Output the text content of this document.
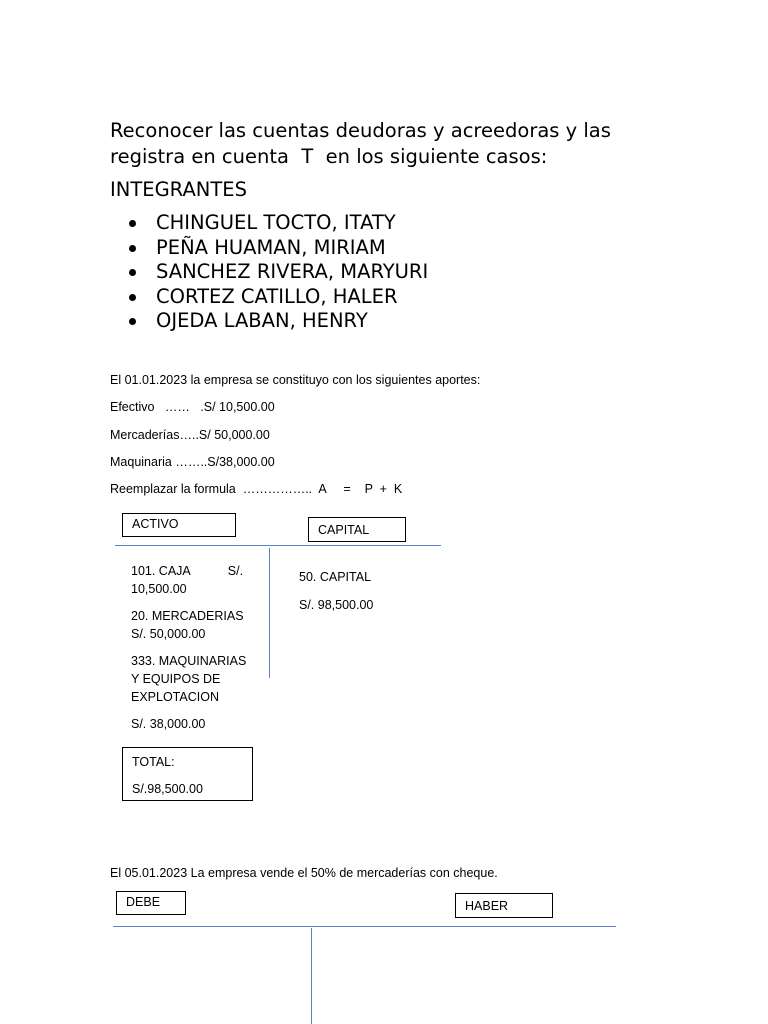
Reconocer las cuentas deudoras y acreedoras y las
registra en cuenta  T  en los siguiente casos:
INTEGRANTES
CHINGUEL TOCTO, ITATY
PEÑA HUAMAN, MIRIAM
SANCHEZ RIVERA, MARYURI
CORTEZ CATILLO, HALER
OJEDA LABAN, HENRY
El 01.01.2023 la empresa se constituyo con los siguientes aportes:
Efectivo   ……   .S/ 10,500.00
Mercaderías…..S/ 50,000.00
Maquinaria ……..S/38,000.00
Reemplazar la formula  ……………..  A     =    P  +  K
ACTIVO	CAPITAL
101. CAJA	S/.
10,500.00
20. MERCADERIAS
S/. 50,000.00
333. MAQUINARIAS
Y EQUIPOS DE
EXPLOTACION
S/. 38,000.00
50. CAPITAL
S/. 98,500.00
TOTAL:
S/.98,500.00
El 05.01.2023 La empresa vende el 50% de mercaderías con cheque.
DEBE	HABER
